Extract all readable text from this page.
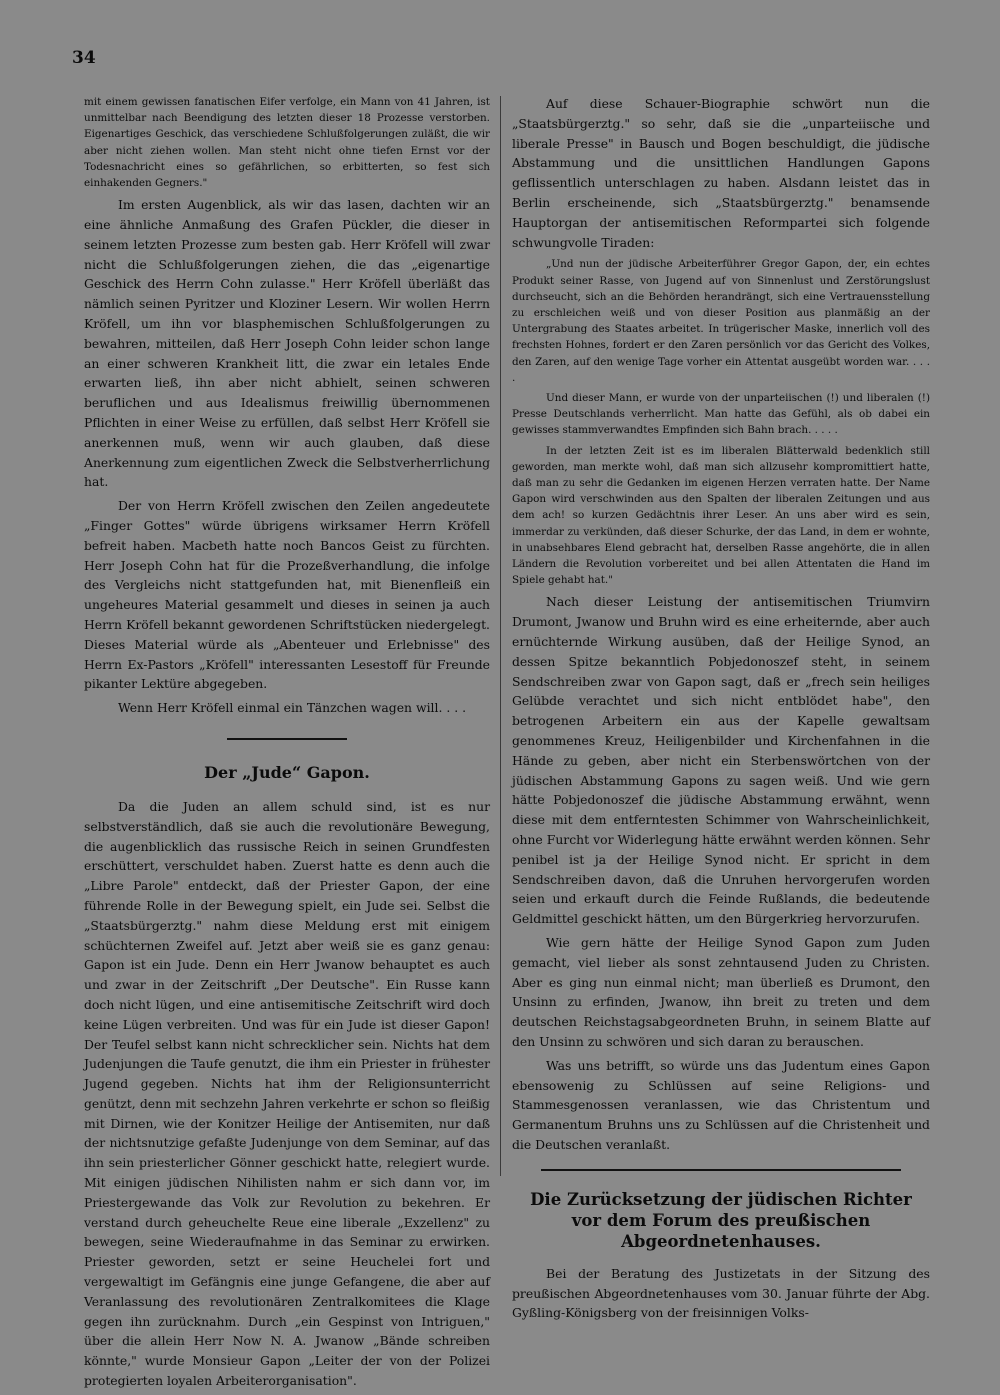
34

mit einem gewissen fanatischen Eifer verfolge, ein Mann von 41 Jahren, ist unmittelbar nach Beendigung des letzten dieser 18 Prozesse verstorben. Eigenartiges Geschick, das verschiedene Schlußfolgerungen zuläßt, die wir aber nicht ziehen wollen. Man steht nicht ohne tiefen Ernst vor der Todesnachricht eines so gefährlichen, so erbitterten, so fest sich einhakenden Gegners."

Im ersten Augenblick, als wir das lasen, dachten wir an eine ähnliche Anmaßung des Grafen Pückler, die dieser in seinem letzten Prozesse zum besten gab. Herr Kröfell will zwar nicht die Schlußfolgerungen ziehen, die das „eigenartige Geschick des Herrn Cohn zulasse." Herr Kröfell überläßt das nämlich seinen Pyritzer und Kloziner Lesern. Wir wollen Herrn Kröfell, um ihn vor blasphemischen Schlußfolgerungen zu bewahren, mitteilen, daß Herr Joseph Cohn leider schon lange an einer schweren Krankheit litt, die zwar ein letales Ende erwarten ließ, ihn aber nicht abhielt, seinen schweren beruflichen und aus Idealismus freiwillig übernommenen Pflichten in einer Weise zu erfüllen, daß selbst Herr Kröfell sie anerkennen muß, wenn wir auch glauben, daß diese Anerkennung zum eigentlichen Zweck die Selbstverherrlichung hat.

Der von Herrn Kröfell zwischen den Zeilen angedeutete „Finger Gottes" würde übrigens wirksamer Herrn Kröfell befreit haben. Macbeth hatte noch Bancos Geist zu fürchten. Herr Joseph Cohn hat für die Prozeßverhandlung, die infolge des Vergleichs nicht stattgefunden hat, mit Bienenfleiß ein ungeheures Material gesammelt und dieses in seinen ja auch Herrn Kröfell bekannt gewordenen Schriftstücken niedergelegt. Dieses Material würde als „Abenteuer und Erlebnisse" des Herrn Ex-Pastors „Kröfell" interessanten Lesestoff für Freunde pikanter Lektüre abgegeben.

Wenn Herr Kröfell einmal ein Tänzchen wagen will. . . .

Der „Jude“ Gapon.

Da die Juden an allem schuld sind, ist es nur selbstverständlich, daß sie auch die revolutionäre Bewegung, die augenblicklich das russische Reich in seinen Grundfesten erschüttert, verschuldet haben. Zuerst hatte es denn auch die „Libre Parole" entdeckt, daß der Priester Gapon, der eine führende Rolle in der Bewegung spielt, ein Jude sei. Selbst die „Staatsbürgerztg." nahm diese Meldung erst mit einigem schüchternen Zweifel auf. Jetzt aber weiß sie es ganz genau: Gapon ist ein Jude. Denn ein Herr Jwanow behauptet es auch und zwar in der Zeitschrift „Der Deutsche". Ein Russe kann doch nicht lügen, und eine antisemitische Zeitschrift wird doch keine Lügen verbreiten. Und was für ein Jude ist dieser Gapon! Der Teufel selbst kann nicht schrecklicher sein. Nichts hat dem Judenjungen die Taufe genutzt, die ihm ein Priester in frühester Jugend gegeben. Nichts hat ihm der Religionsunterricht genützt, denn mit sechzehn Jahren verkehrte er schon so fleißig mit Dirnen, wie der Konitzer Heilige der Antisemiten, nur daß der nichtsnutzige gefaßte Judenjunge von dem Seminar, auf das ihn sein priesterlicher Gönner geschickt hatte, relegiert wurde. Mit einigen jüdischen Nihilisten nahm er sich dann vor, im Priestergewande das Volk zur Revolution zu bekehren. Er verstand durch geheuchelte Reue eine liberale „Exzellenz" zu bewegen, seine Wiederaufnahme in das Seminar zu erwirken. Priester geworden, setzt er seine Heuchelei fort und vergewaltigt im Gefängnis eine junge Gefangene, die aber auf Veranlassung des revolutionären Zentralkomitees die Klage gegen ihn zurücknahm. Durch „ein Gespinst von Intriguen," über die allein Herr Now N. A. Jwanow „Bände schreiben könnte," wurde Monsieur Gapon „Leiter der von der Polizei protegierten loyalen Arbeiterorganisation".

Auf diese Schauer-Biographie schwört nun die „Staatsbürgerztg." so sehr, daß sie die „unparteiische und liberale Presse" in Bausch und Bogen beschuldigt, die jüdische Abstammung und die unsittlichen Handlungen Gapons geflissentlich unterschlagen zu haben. Alsdann leistet das in Berlin erscheinende, sich „Staatsbürgerztg." benamsende Hauptorgan der antisemitischen Reformpartei sich folgende schwungvolle Tiraden:

„Und nun der jüdische Arbeiterführer Gregor Gapon, der, ein echtes Produkt seiner Rasse, von Jugend auf von Sinnenlust und Zerstörungslust durchseucht, sich an die Behörden herandrängt, sich eine Vertrauensstellung zu erschleichen weiß und von dieser Position aus planmäßig an der Untergrabung des Staates arbeitet. In trügerischer Maske, innerlich voll des frechsten Hohnes, fordert er den Zaren persönlich vor das Gericht des Volkes, den Zaren, auf den wenige Tage vorher ein Attentat ausgeübt worden war. . . . .

Und dieser Mann, er wurde von der unparteiischen (!) und liberalen (!) Presse Deutschlands verherrlicht. Man hatte das Gefühl, als ob dabei ein gewisses stammverwandtes Empfinden sich Bahn brach. . . . .

In der letzten Zeit ist es im liberalen Blätterwald bedenklich still geworden, man merkte wohl, daß man sich allzusehr kompromittiert hatte, daß man zu sehr die Gedanken im eigenen Herzen verraten hatte. Der Name Gapon wird verschwinden aus den Spalten der liberalen Zeitungen und aus dem ach! so kurzen Gedächtnis ihrer Leser. An uns aber wird es sein, immerdar zu verkünden, daß dieser Schurke, der das Land, in dem er wohnte, in unabsehbares Elend gebracht hat, derselben Rasse angehörte, die in allen Ländern die Revolution vorbereitet und bei allen Attentaten die Hand im Spiele gehabt hat."

Nach dieser Leistung der antisemitischen Triumvirn Drumont, Jwanow und Bruhn wird es eine erheiternde, aber auch ernüchternde Wirkung ausüben, daß der Heilige Synod, an dessen Spitze bekanntlich Pobjedonoszef steht, in seinem Sendschreiben zwar von Gapon sagt, daß er „frech sein heiliges Gelübde verachtet und sich nicht entblödet habe", den betrogenen Arbeitern ein aus der Kapelle gewaltsam genommenes Kreuz, Heiligenbilder und Kirchenfahnen in die Hände zu geben, aber nicht ein Sterbenswörtchen von der jüdischen Abstammung Gapons zu sagen weiß. Und wie gern hätte Pobjedonoszef die jüdische Abstammung erwähnt, wenn diese mit dem entferntesten Schimmer von Wahrscheinlichkeit, ohne Furcht vor Widerlegung hätte erwähnt werden können. Sehr penibel ist ja der Heilige Synod nicht. Er spricht in dem Sendschreiben davon, daß die Unruhen hervorgerufen worden seien und erkauft durch die Feinde Rußlands, die bedeutende Geldmittel geschickt hätten, um den Bürgerkrieg hervorzurufen.

Wie gern hätte der Heilige Synod Gapon zum Juden gemacht, viel lieber als sonst zehntausend Juden zu Christen. Aber es ging nun einmal nicht; man überließ es Drumont, den Unsinn zu erfinden, Jwanow, ihn breit zu treten und dem deutschen Reichstagsabgeordneten Bruhn, in seinem Blatte auf den Unsinn zu schwören und sich daran zu berauschen.

Was uns betrifft, so würde uns das Judentum eines Gapon ebensowenig zu Schlüssen auf seine Religions- und Stammesgenossen veranlassen, wie das Christentum und Germanentum Bruhns uns zu Schlüssen auf die Christenheit und die Deutschen veranlaßt.

Die Zurücksetzung der jüdischen Richter vor dem Forum des preußischen Abgeordnetenhauses.

Bei der Beratung des Justizetats in der Sitzung des preußischen Abgeordnetenhauses vom 30. Januar führte der Abg. Gyßling-Königsberg von der freisinnigen Volks-
